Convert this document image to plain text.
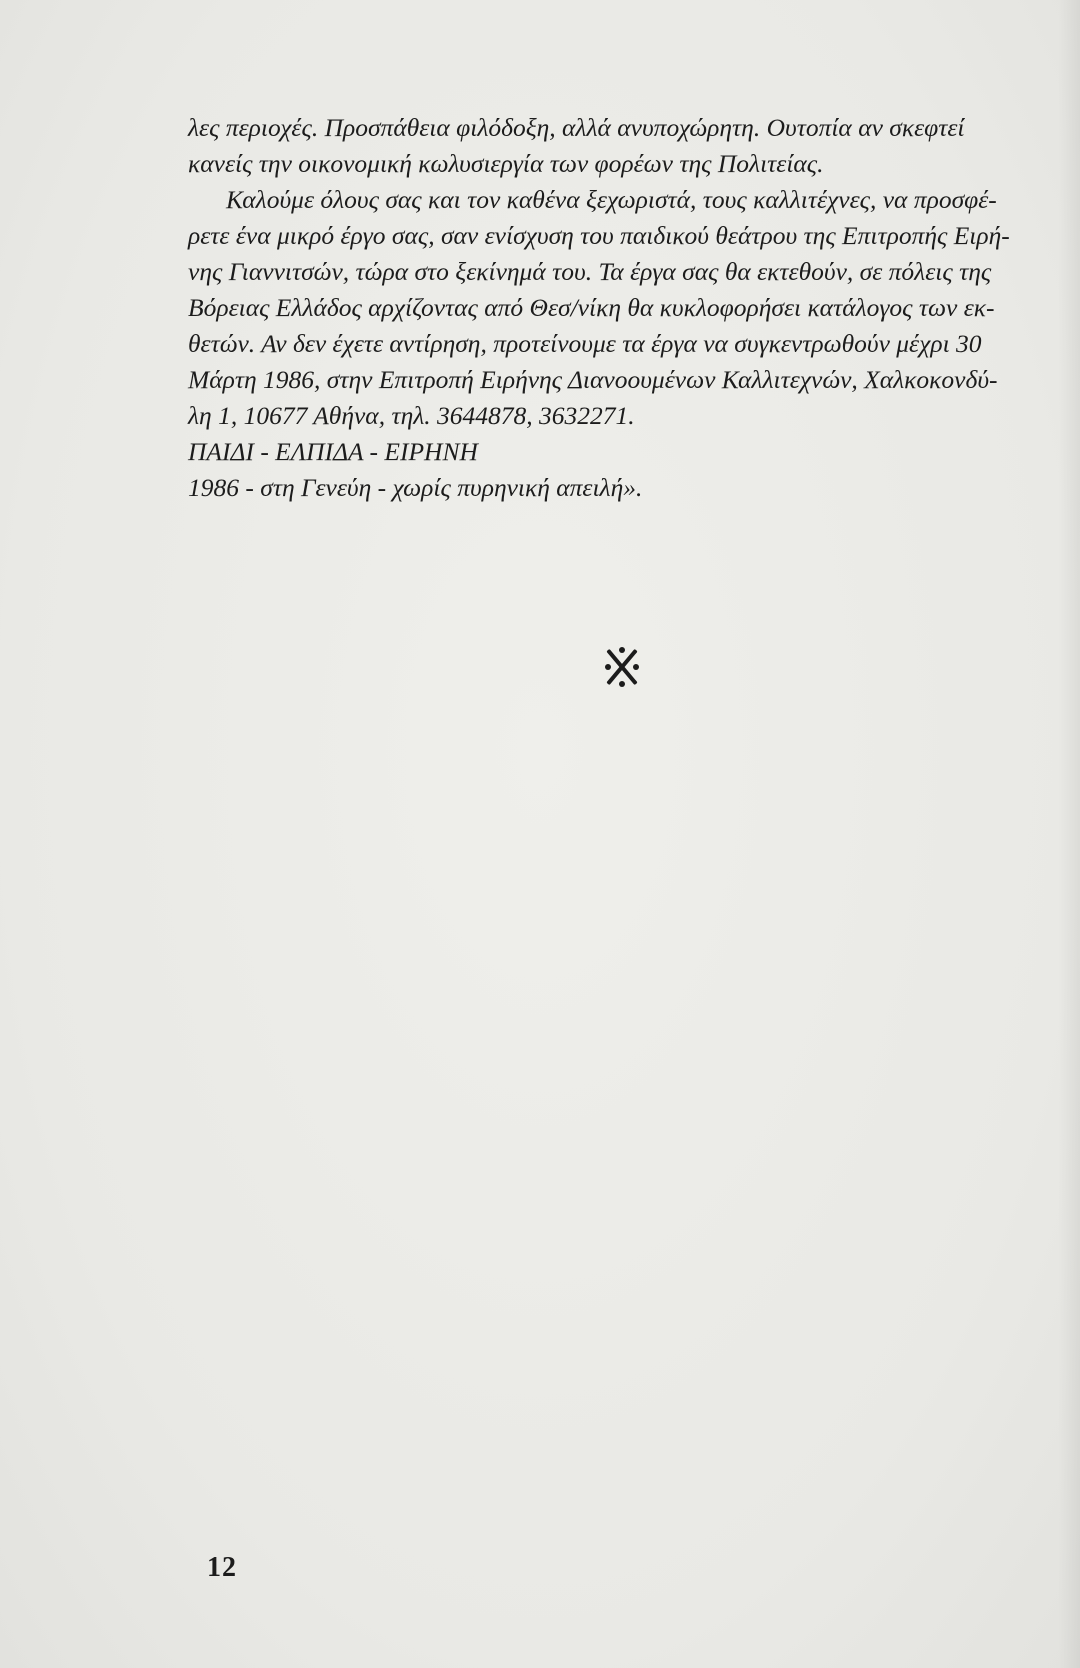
λες περιοχές. Προσπάθεια φιλόδοξη, αλλά ανυποχώρητη. Ουτοπία αν σκεφτεί
κανείς την οικονομική κωλυσιεργία των φορέων της Πολιτείας.
Καλούμε όλους σας και τον καθένα ξεχωριστά, τους καλλιτέχνες, να προσφέ-
ρετε ένα μικρό έργο σας, σαν ενίσχυση του παιδικού θεάτρου της Επιτροπής Ειρή-
νης Γιαννιτσών, τώρα στο ξεκίνημά του. Τα έργα σας θα εκτεθούν, σε πόλεις της
Βόρειας Ελλάδος αρχίζοντας από Θεσ/νίκη θα κυκλοφορήσει κατάλογος των εκ-
θετών. Αν δεν έχετε αντίρηση, προτείνουμε τα έργα να συγκεντρωθούν μέχρι 30
Μάρτη 1986, στην Επιτροπή Ειρήνης Διανοουμένων Καλλιτεχνών, Χαλκοκονδύ-
λη 1, 10677 Αθήνα, τηλ. 3644878, 3632271.
ΠΑΙΔΙ - ΕΛΠΙΔΑ - ΕΙΡΗΝΗ
1986 - στη Γενεύη - χωρίς πυρηνική απειλή».
12
